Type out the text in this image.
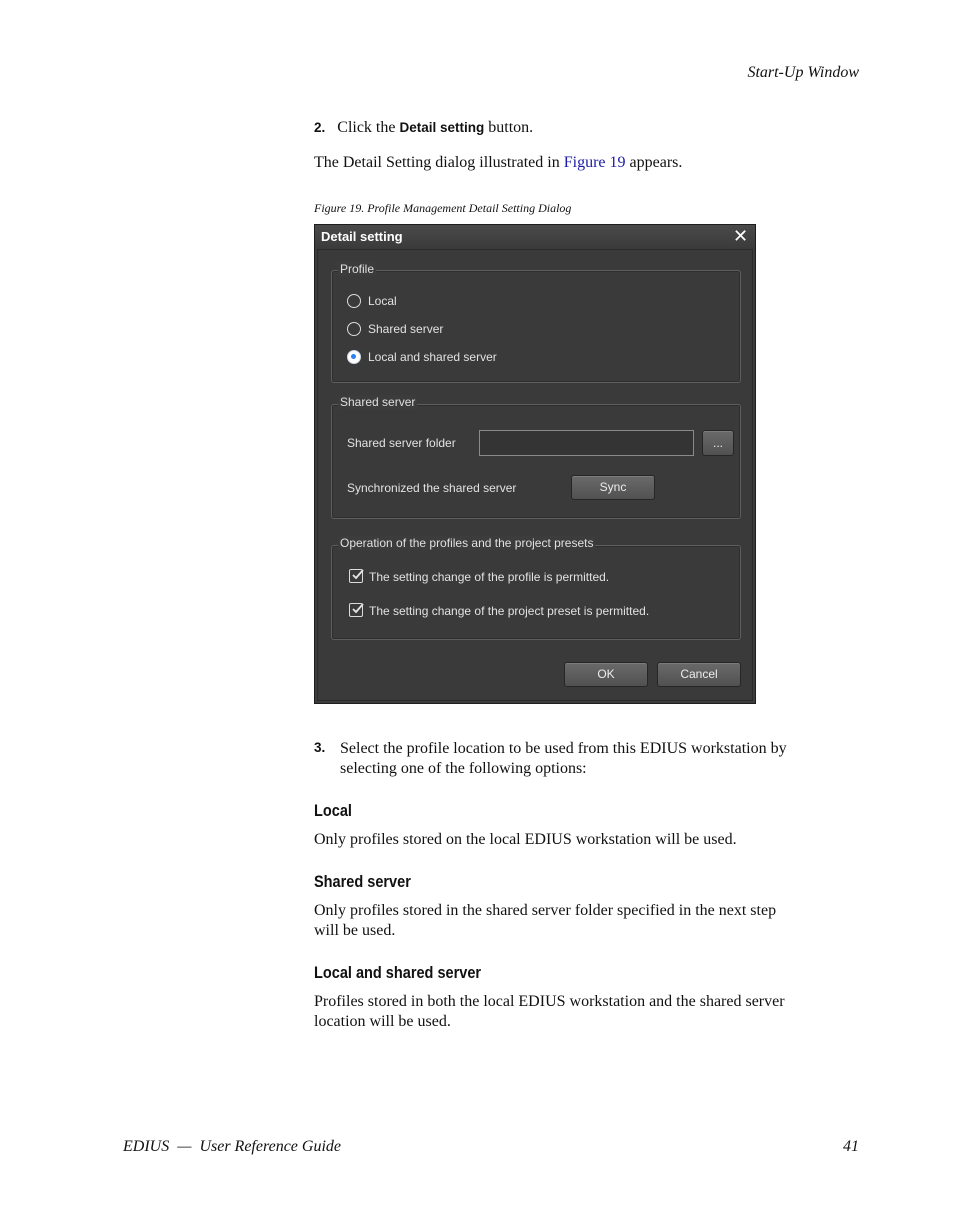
Start-Up Window
2. Click the Detail setting button.
The Detail Setting dialog illustrated in Figure 19 appears.
Figure 19. Profile Management Detail Setting Dialog
Detail setting	✕
Profile
Local
Shared server
Local and shared server
Shared server
Shared server folder	...
Synchronized the shared server	Sync
Operation of the profiles and the project presets
The setting change of the profile is permitted.
The setting change of the project preset is permitted.
OK	Cancel
3. Select the profile location to be used from this EDIUS workstation by
selecting one of the following options:
Local
Only profiles stored on the local EDIUS workstation will be used.
Shared server
Only profiles stored in the shared server folder specified in the next step
will be used.
Local and shared server
Profiles stored in both the local EDIUS workstation and the shared server
location will be used.
EDIUS  —  User Reference Guide	41
